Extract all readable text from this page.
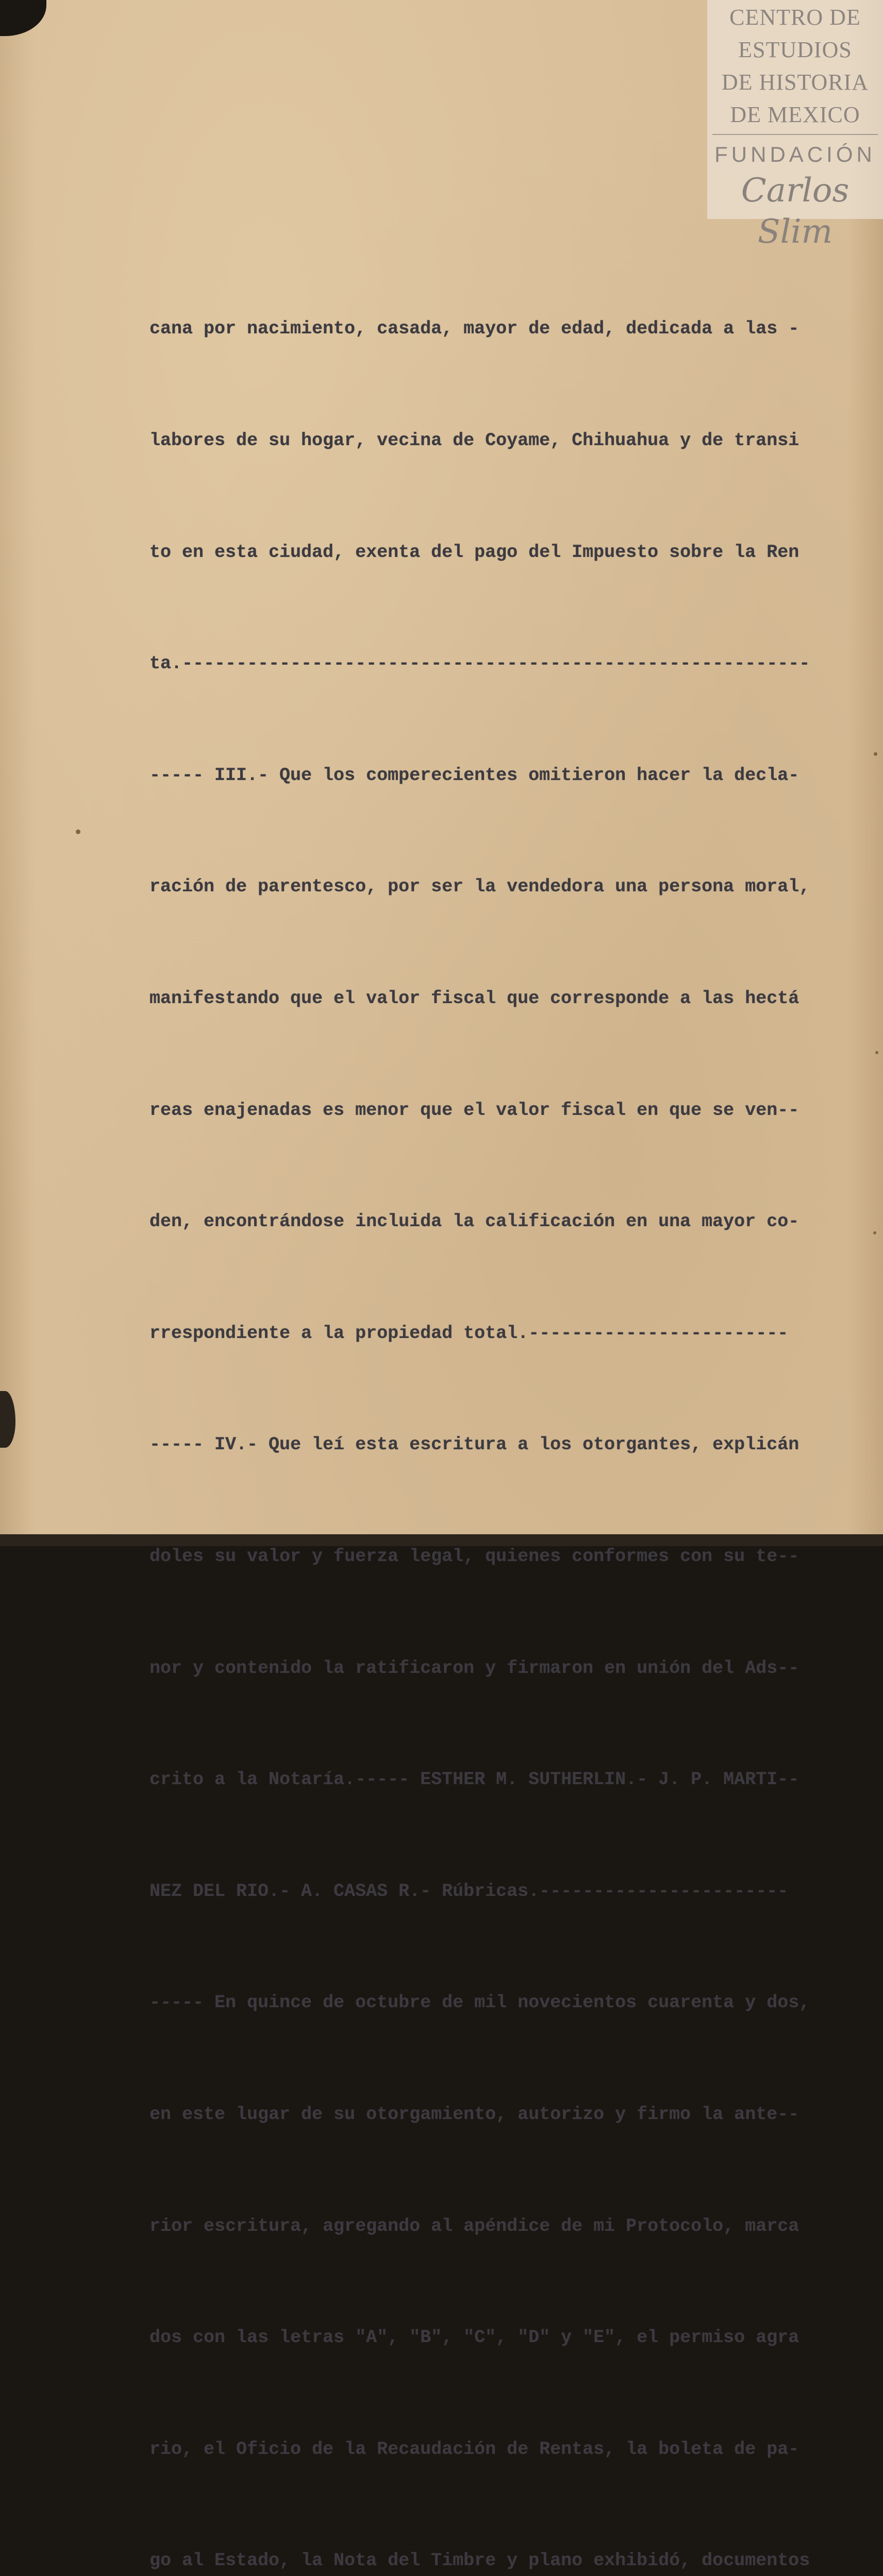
CENTRO DE
ESTUDIOS
DE HISTORIA
DE MEXICO
FUNDACIÓN
Carlos Slim

cana por nacimiento, casada, mayor de edad, dedicada a las -

labores de su hogar, vecina de Coyame, Chihuahua y de transi

to en esta ciudad, exenta del pago del Impuesto sobre la Ren

ta.----------------------------------------------------------

----- III.- Que los comperecientes omitieron hacer la decla-

ración de parentesco, por ser la vendedora una persona moral,

manifestando que el valor fiscal que corresponde a las hectá

reas enajenadas es menor que el valor fiscal en que se ven--

den, encontrándose incluida la calificación en una mayor co-

rrespondiente a la propiedad total.------------------------

----- IV.- Que leí esta escritura a los otorgantes, explicán

doles su valor y fuerza legal, quienes conformes con su te--

nor y contenido la ratificaron y firmaron en unión del Ads--

crito a la Notaría.----- ESTHER M. SUTHERLIN.- J. P. MARTI--

NEZ DEL RIO.- A. CASAS R.- Rúbricas.-----------------------

----- En quince de octubre de mil novecientos cuarenta y dos,

en este lugar de su otorgamiento, autorizo y firmo la ante--

rior escritura, agregando al apéndice de mi Protocolo, marca

dos con las letras "A", "B", "C", "D" y "E", el permiso agra

rio, el Oficio de la Recaudación de Rentas, la boleta de pa-

go al Estado, la Nota del Timbre y plano exhibidó, documentos
